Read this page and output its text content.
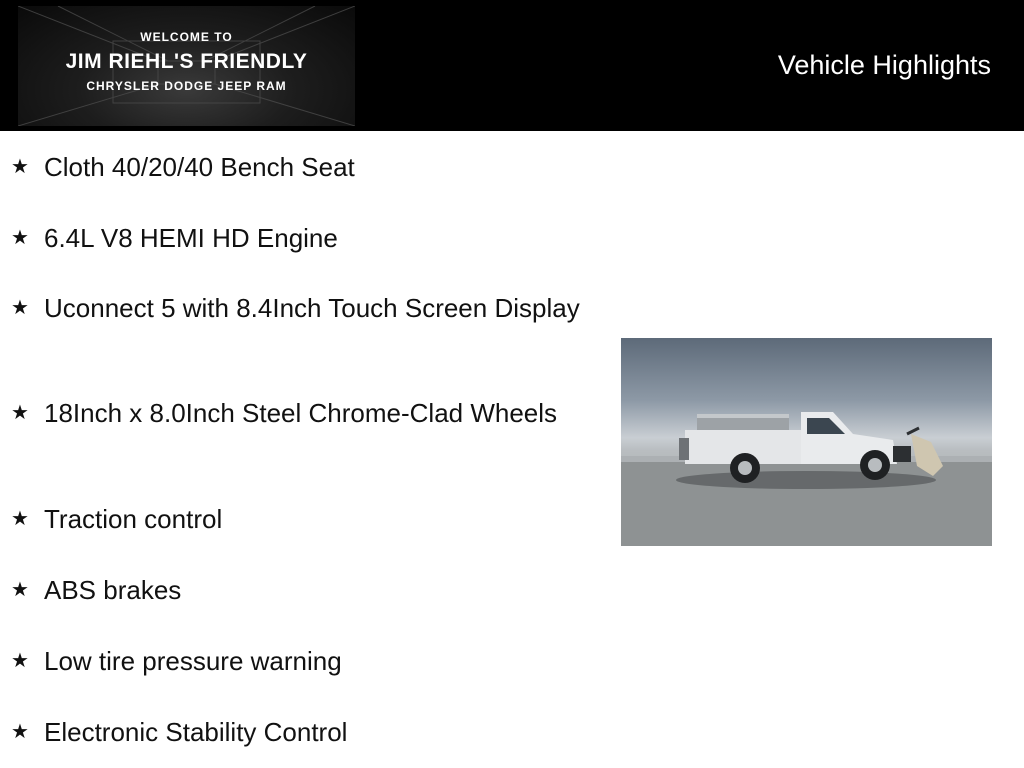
WELCOME TO
JIM RIEHL'S FRIENDLY
CHRYSLER DODGE JEEP RAM
Vehicle Highlights
★ Cloth 40/20/40 Bench Seat
★ 6.4L V8 HEMI HD Engine
★ Uconnect 5 with 8.4Inch Touch Screen Display
★ 18Inch x 8.0Inch Steel Chrome-Clad Wheels
★ Traction control
★ ABS brakes
★ Low tire pressure warning
★ Electronic Stability Control
